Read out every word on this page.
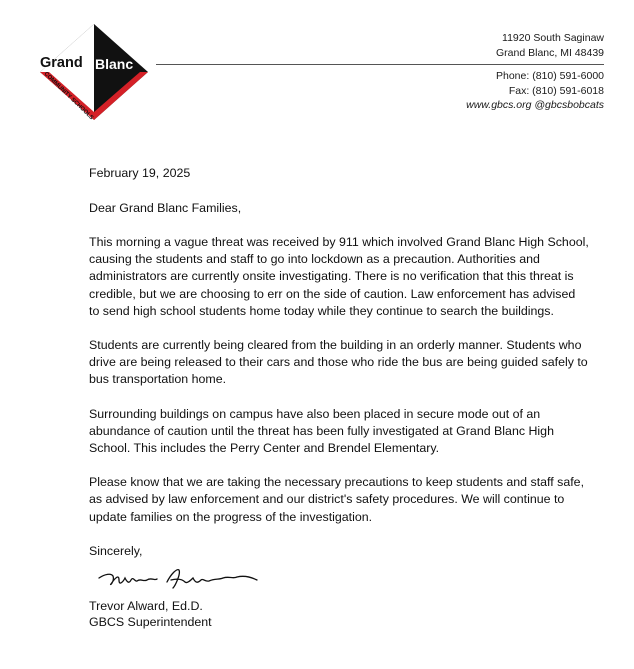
Grand Blanc
COMMUNITY SCHOOLS
11920 South Saginaw
Grand Blanc, MI 48439
Phone: (810) 591-6000
Fax: (810) 591-6018
www.gbcs.org @gbcsbobcats

February 19, 2025

Dear Grand Blanc Families,

This morning a vague threat was received by 911 which involved Grand Blanc High School, causing the students and staff to go into lockdown as a precaution. Authorities and administrators are currently onsite investigating. There is no verification that this threat is credible, but we are choosing to err on the side of caution. Law enforcement has advised to send high school students home today while they continue to search the buildings.

Students are currently being cleared from the building in an orderly manner. Students who drive are being released to their cars and those who ride the bus are being guided safely to bus transportation home.

Surrounding buildings on campus have also been placed in secure mode out of an abundance of caution until the threat has been fully investigated at Grand Blanc High School. This includes the Perry Center and Brendel Elementary.

Please know that we are taking the necessary precautions to keep students and staff safe, as advised by law enforcement and our district's safety procedures. We will continue to update families on the progress of the investigation.

Sincerely,

Trevor Alward, Ed.D.
GBCS Superintendent
